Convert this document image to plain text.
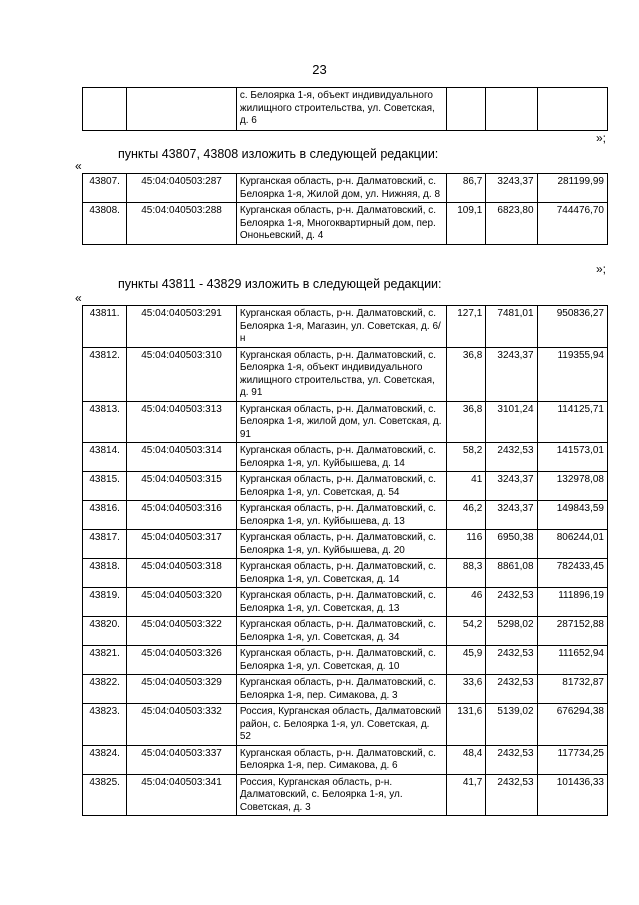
23
		с. Белоярка 1-я, объект индивидуального жилищного строительства, ул. Советская, д. 6			
»;
пункты 43807, 43808 изложить в следующей редакции:
«
43807.	45:04:040503:287	Курганская область, р-н. Далматовский, с. Белоярка 1-я, Жилой дом, ул. Нижняя, д. 8	86,7	3243,37	281199,99
43808.	45:04:040503:288	Курганская область, р-н. Далматовский, с. Белоярка 1-я, Многоквартирный дом, пер. Ононьевский, д. 4	109,1	6823,80	744476,70
»;
пункты 43811 - 43829 изложить в следующей редакции:
«
43811.	45:04:040503:291	Курганская область, р-н. Далматовский, с. Белоярка 1-я, Магазин, ул. Советская, д. 6/н	127,1	7481,01	950836,27
43812.	45:04:040503:310	Курганская область, р-н. Далматовский, с. Белоярка 1-я, объект индивидуального жилищного строительства, ул. Советская, д. 91	36,8	3243,37	119355,94
43813.	45:04:040503:313	Курганская область, р-н. Далматовский, с. Белоярка 1-я, жилой дом, ул. Советская, д. 91	36,8	3101,24	114125,71
43814.	45:04:040503:314	Курганская область, р-н. Далматовский, с. Белоярка 1-я, ул. Куйбышева, д. 14	58,2	2432,53	141573,01
43815.	45:04:040503:315	Курганская область, р-н. Далматовский, с. Белоярка 1-я, ул. Советская, д. 54	41	3243,37	132978,08
43816.	45:04:040503:316	Курганская область, р-н. Далматовский, с. Белоярка 1-я, ул. Куйбышева, д. 13	46,2	3243,37	149843,59
43817.	45:04:040503:317	Курганская область, р-н. Далматовский, с. Белоярка 1-я, ул. Куйбышева, д. 20	116	6950,38	806244,01
43818.	45:04:040503:318	Курганская область, р-н. Далматовский, с. Белоярка 1-я, ул. Советская, д. 14	88,3	8861,08	782433,45
43819.	45:04:040503:320	Курганская область, р-н. Далматовский, с. Белоярка 1-я, ул. Советская, д. 13	46	2432,53	111896,19
43820.	45:04:040503:322	Курганская область, р-н. Далматовский, с. Белоярка 1-я, ул. Советская, д. 34	54,2	5298,02	287152,88
43821.	45:04:040503:326	Курганская область, р-н. Далматовский, с. Белоярка 1-я, ул. Советская, д. 10	45,9	2432,53	111652,94
43822.	45:04:040503:329	Курганская область, р-н. Далматовский, с. Белоярка 1-я, пер. Симакова, д. 3	33,6	2432,53	81732,87
43823.	45:04:040503:332	Россия, Курганская область, Далматовский район, с. Белоярка 1-я, ул. Советская, д. 52	131,6	5139,02	676294,38
43824.	45:04:040503:337	Курганская область, р-н. Далматовский, с. Белоярка 1-я, пер. Симакова, д. 6	48,4	2432,53	117734,25
43825.	45:04:040503:341	Россия, Курганская область, р-н. Далматовский, с. Белоярка 1-я, ул. Советская, д. 3	41,7	2432,53	101436,33
